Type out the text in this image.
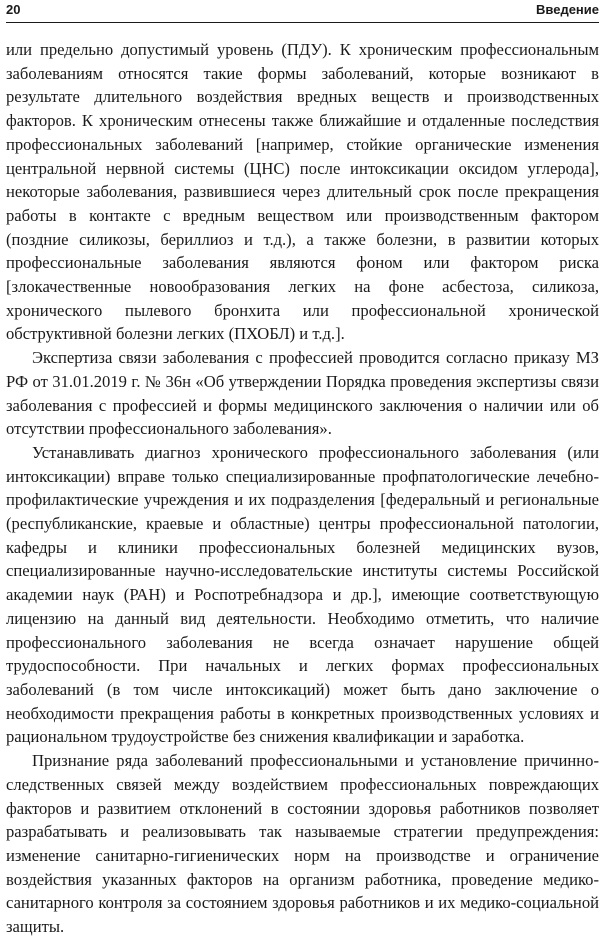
20	Введение

или предельно допустимый уровень (ПДУ). К хроническим профессиональным заболеваниям относятся такие формы заболеваний, которые возникают в результате длительного воздействия вредных веществ и производственных факторов. К хроническим отнесены также ближайшие и отдаленные последствия профессиональных заболеваний [например, стойкие органические изменения центральной нервной системы (ЦНС) после интоксикации оксидом углерода], некоторые заболевания, развившиеся через длительный срок после прекращения работы в контакте с вредным веществом или производственным фактором (поздние силикозы, бериллиоз и т.д.), а также болезни, в развитии которых профессиональные заболевания являются фоном или фактором риска [злокачественные новообразования легких на фоне асбестоза, силикоза, хронического пылевого бронхита или профессиональной хронической обструктивной болезни легких (ПХОБЛ) и т.д.].

Экспертиза связи заболевания с профессией проводится согласно приказу МЗ РФ от 31.01.2019 г. № 36н «Об утверждении Порядка проведения экспертизы связи заболевания с профессией и формы медицинского заключения о наличии или об отсутствии профессионального заболевания».

Устанавливать диагноз хронического профессионального заболевания (или интоксикации) вправе только специализированные профпатологические лечебно-профилактические учреждения и их подразделения [федеральный и региональные (республиканские, краевые и областные) центры профессиональной патологии, кафедры и клиники профессиональных болезней медицинских вузов, специализированные научно-исследовательские институты системы Российской академии наук (РАН) и Роспотребнадзора и др.], имеющие соответствующую лицензию на данный вид деятельности. Необходимо отметить, что наличие профессионального заболевания не всегда означает нарушение общей трудоспособности. При начальных и легких формах профессиональных заболеваний (в том числе интоксикаций) может быть дано заключение о необходимости прекращения работы в конкретных производственных условиях и рациональном трудоустройстве без снижения квалификации и заработка.

Признание ряда заболеваний профессиональными и установление причинно-следственных связей между воздействием профессиональных повреждающих факторов и развитием отклонений в состоянии здоровья работников позволяет разрабатывать и реализовывать так называемые стратегии предупреждения: изменение санитарно-гигиенических норм на производстве и ограничение воздействия указанных факторов на организм работника, проведение медико-санитарного контроля за состоянием здоровья работников и их медико-социальной защиты.
